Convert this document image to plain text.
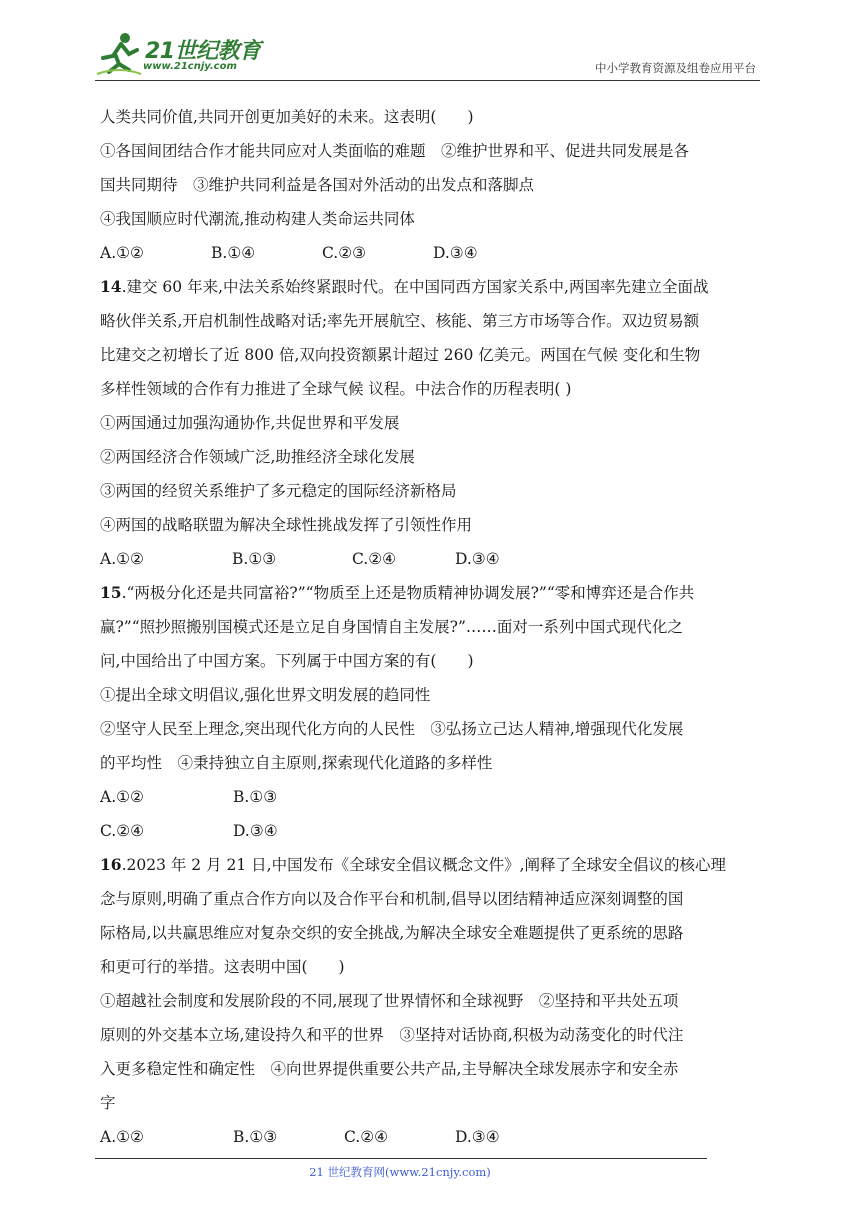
21世纪教育
www.21cnjy.com	中小学教育资源及组卷应用平台
人类共同价值,共同开创更加美好的未来。这表明(　　)
①各国间团结合作才能共同应对人类面临的难题　②维护世界和平、促进共同发展是各
国共同期待　③维护共同利益是各国对外活动的出发点和落脚点
④我国顺应时代潮流,推动构建人类命运共同体
A.①②	B.①④	C.②③	D.③④
14.建交 60 年来,中法关系始终紧跟时代。在中国同西方国家关系中,两国率先建立全面战
略伙伴关系,开启机制性战略对话;率先开展航空、核能、第三方市场等合作。双边贸易额
比建交之初增长了近 800 倍,双向投资额累计超过 260 亿美元。两国在气候 变化和生物
多样性领域的合作有力推进了全球气候 议程。中法合作的历程表明( )
①两国通过加强沟通协作,共促世界和平发展
②两国经济合作领域广泛,助推经济全球化发展
③两国的经贸关系维护了多元稳定的国际经济新格局
④两国的战略联盟为解决全球性挑战发挥了引领性作用
A.①②	B.①③	C.②④	D.③④
15.“两极分化还是共同富裕?”“物质至上还是物质精神协调发展?”“零和博弈还是合作共
赢?”“照抄照搬别国模式还是立足自身国情自主发展?”……面对一系列中国式现代化之
问,中国给出了中国方案。下列属于中国方案的有(　　)
①提出全球文明倡议,强化世界文明发展的趋同性
②坚守人民至上理念,突出现代化方向的人民性　③弘扬立己达人精神,增强现代化发展
的平均性　④秉持独立自主原则,探索现代化道路的多样性
A.①②	B.①③
C.②④	D.③④
16.2023 年 2 月 21 日,中国发布《全球安全倡议概念文件》,阐释了全球安全倡议的核心理
念与原则,明确了重点合作方向以及合作平台和机制,倡导以团结精神适应深刻调整的国
际格局,以共赢思维应对复杂交织的安全挑战,为解决全球安全难题提供了更系统的思路
和更可行的举措。这表明中国(　　)
①超越社会制度和发展阶段的不同,展现了世界情怀和全球视野　②坚持和平共处五项
原则的外交基本立场,建设持久和平的世界　③坚持对话协商,积极为动荡变化的时代注
入更多稳定性和确定性　④向世界提供重要公共产品,主导解决全球发展赤字和安全赤
字
A.①②	B.①③	C.②④	D.③④
21 世纪教育网(www.21cnjy.com)
